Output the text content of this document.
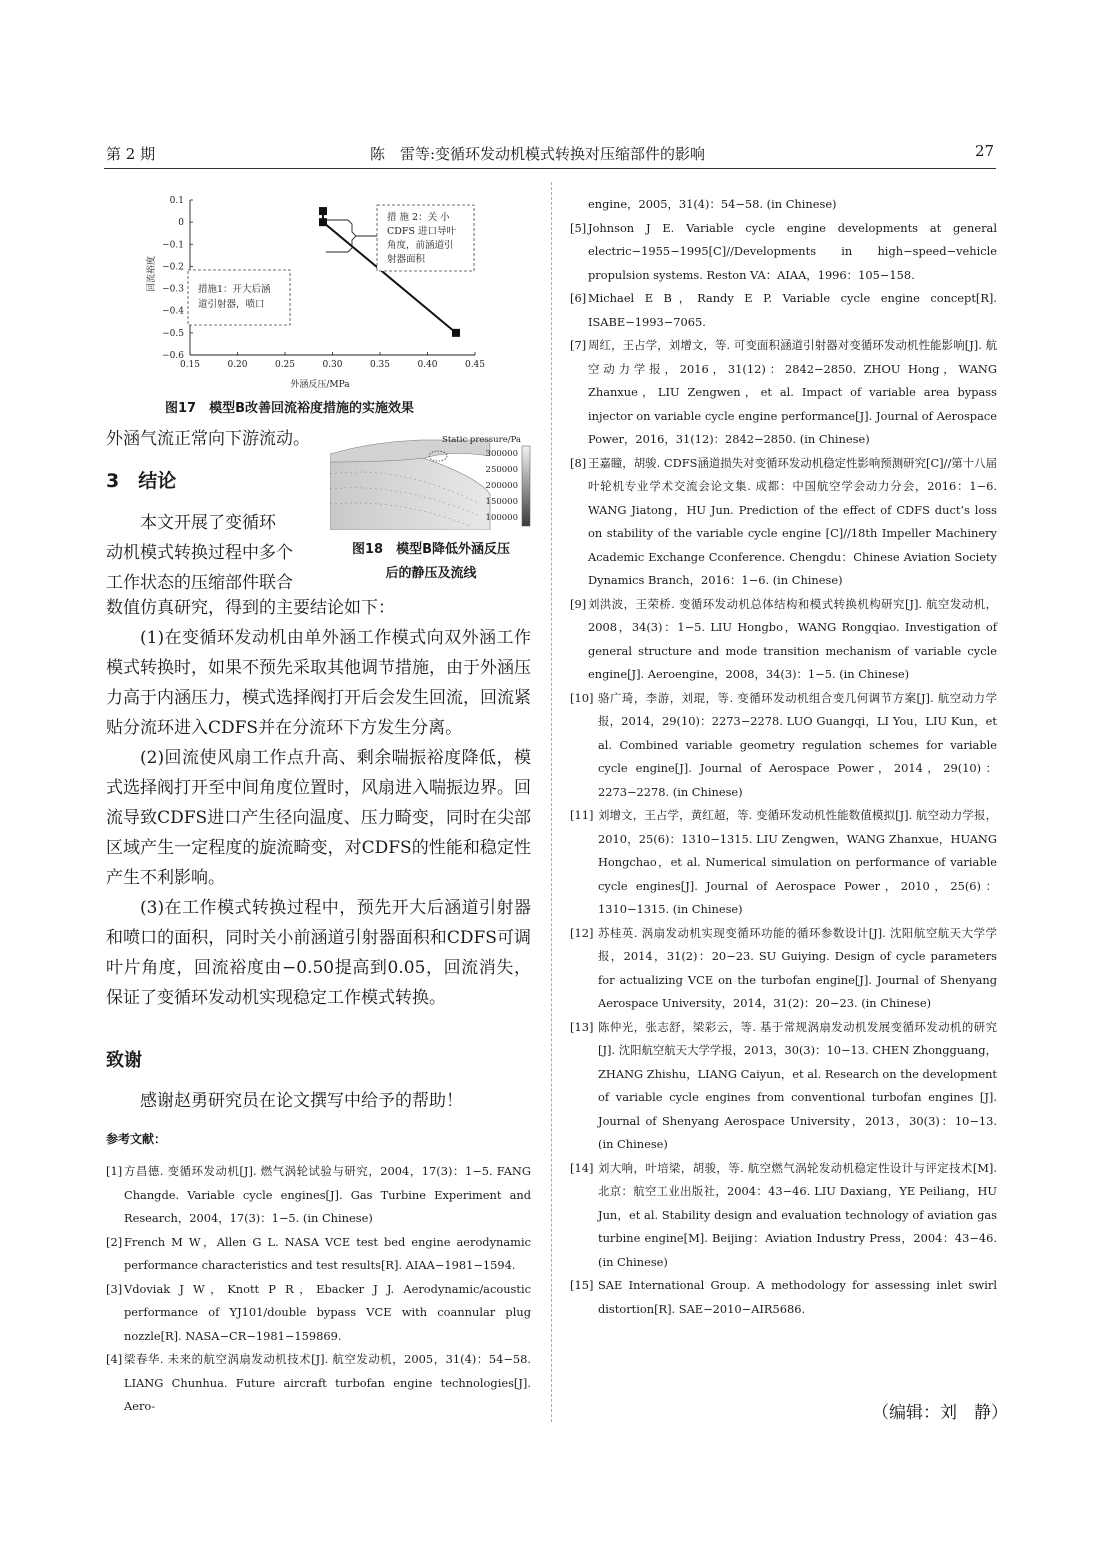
第 2 期	陈　雷等:变循环发动机模式转换对压缩部件的影响	27
0.15	0.20	0.25	0.30	0.35	0.40	0.45
0.1
0
−0.1
−0.2
−0.3
−0.4
−0.5
−0.6
措施1：开大后涵
道引射器，喷口
措 施 2：关 小
CDFS 进口导叶
角度，前涵道引
射器面积
外涵反压/MPa
回流裕度
图17　模型B改善回流裕度措施的实施效果
Static pressure/Pa
300000
250000
200000
150000
100000
图18　模型B降低外涵反压
后的静压及流线
外涵气流正常向下游流动。
3　结论
本文开展了变循环
动机模式转换过程中多个
工作状态的压缩部件联合

数值仿真研究，得到的主要结论如下：

(1)在变循环发动机由单外涵工作模式向双外涵工作模式转换时，如果不预先采取其他调节措施，由于外涵压力高于内涵压力，模式选择阀打开后会发生回流，回流紧贴分流环进入CDFS并在分流环下方发生分离。

(2)回流使风扇工作点升高、剩余喘振裕度降低，模式选择阀打开至中间角度位置时，风扇进入喘振边界。回流导致CDFS进口产生径向温度、压力畸变，同时在尖部区域产生一定程度的旋流畸变，对CDFS的性能和稳定性产生不利影响。

(3)在工作模式转换过程中，预先开大后涵道引射器和喷口的面积，同时关小前涵道引射器面积和CDFS可调叶片角度，回流裕度由−0.50提高到0.05，回流消失，保证了变循环发动机实现稳定工作模式转换。

致谢
感谢赵勇研究员在论文撰写中给予的帮助！
参考文献：

[1] 方昌德. 变循环发动机[J]. 燃气涡轮试验与研究，2004，17(3)：1−5. FANG Changde. Variable cycle engines[J]. Gas Turbine Experiment and Research，2004，17(3)：1−5. (in Chinese)

[2] French M W，Allen G L. NASA VCE test bed engine aerodynamic performance characteristics and test results[R]. AIAA−1981−1594.

[3] Vdoviak J W，Knott P R，Ebacker J J. Aerodynamic/acoustic performance of YJ101/double bypass VCE with coannular plug nozzle[R]. NASA−CR−1981−159869.

[4] 梁春华. 未来的航空涡扇发动机技术[J]. 航空发动机，2005，31(4)：54−58. LIANG Chunhua. Future aircraft turbofan engine technologies[J]. Aero-

engine，2005，31(4)：54−58. (in Chinese)

[5] Johnson J E. Variable cycle engine developments at general electric−1955−1995[C]//Developments in high−speed−vehicle propulsion systems. Reston VA：AIAA，1996：105−158.

[6] Michael E B，Randy E P. Variable cycle engine concept[R]. ISABE−1993−7065.

[7] 周红，王占学，刘增文，等. 可变面积涵道引射器对变循环发动机性能影响[J]. 航空动力学报，2016，31(12)：2842−2850. ZHOU Hong，WANG Zhanxue，LIU Zengwen，et al. Impact of variable area bypass injector on variable cycle engine performance[J]. Journal of Aerospace Power，2016，31(12)：2842−2850. (in Chinese)

[8] 王嘉瞳，胡骏. CDFS涵道损失对变循环发动机稳定性影响预测研究[C]//第十八届叶轮机专业学术交流会论文集. 成都：中国航空学会动力分会，2016：1−6. WANG Jiatong，HU Jun. Prediction of the effect of CDFS duct’s loss on stability of the variable cycle engine [C]//18th Impeller Machinery Academic Exchange Cconference. Chengdu：Chinese Aviation Society Dynamics Branch，2016：1−6. (in Chinese)

[9] 刘洪波，王荣桥. 变循环发动机总体结构和模式转换机构研究[J]. 航空发动机，2008，34(3)：1−5. LIU Hongbo，WANG Rongqiao. Investigation of general structure and mode transition mechanism of variable cycle engine[J]. Aeroengine，2008，34(3)：1−5. (in Chinese)

[10] 骆广琦，李游，刘琨，等. 变循环发动机组合变几何调节方案[J]. 航空动力学报，2014，29(10)：2273−2278. LUO Guangqi，LI You，LIU Kun，et al. Combined variable geometry regulation schemes for variable cycle engine[J]. Journal of Aerospace Power，2014，29(10)：2273−2278. (in Chinese)

[11] 刘增文，王占学，黄红超，等. 变循环发动机性能数值模拟[J]. 航空动力学报，2010，25(6)：1310−1315. LIU Zengwen，WANG Zhanxue，HUANG Hongchao，et al. Numerical simulation on performance of variable cycle engines[J]. Journal of Aerospace Power，2010，25(6)：1310−1315. (in Chinese)

[12] 苏桂英. 涡扇发动机实现变循环功能的循环参数设计[J]. 沈阳航空航天大学学报，2014，31(2)：20−23. SU Guiying. Design of cycle parameters for actualizing VCE on the turbofan engine[J]. Journal of Shenyang Aerospace University，2014，31(2)：20−23. (in Chinese)

[13] 陈仲光，张志舒，梁彩云，等. 基于常规涡扇发动机发展变循环发动机的研究[J]. 沈阳航空航天大学学报，2013，30(3)：10−13. CHEN Zhongguang，ZHANG Zhishu，LIANG Caiyun，et al. Research on the development of variable cycle engines from conventional turbofan engines [J]. Journal of Shenyang Aerospace University，2013，30(3)：10−13. (in Chinese)

[14] 刘大响，叶培梁，胡骏，等. 航空燃气涡轮发动机稳定性设计与评定技术[M]. 北京：航空工业出版社，2004：43−46. LIU Daxiang，YE Peiliang，HU Jun，et al. Stability design and evaluation technology of aviation gas turbine engine[M]. Beijing：Aviation Industry Press，2004：43−46. (in Chinese)

[15] SAE International Group. A methodology for assessing inlet swirl distortion[R]. SAE−2010−AIR5686.

（编辑：刘　静）
